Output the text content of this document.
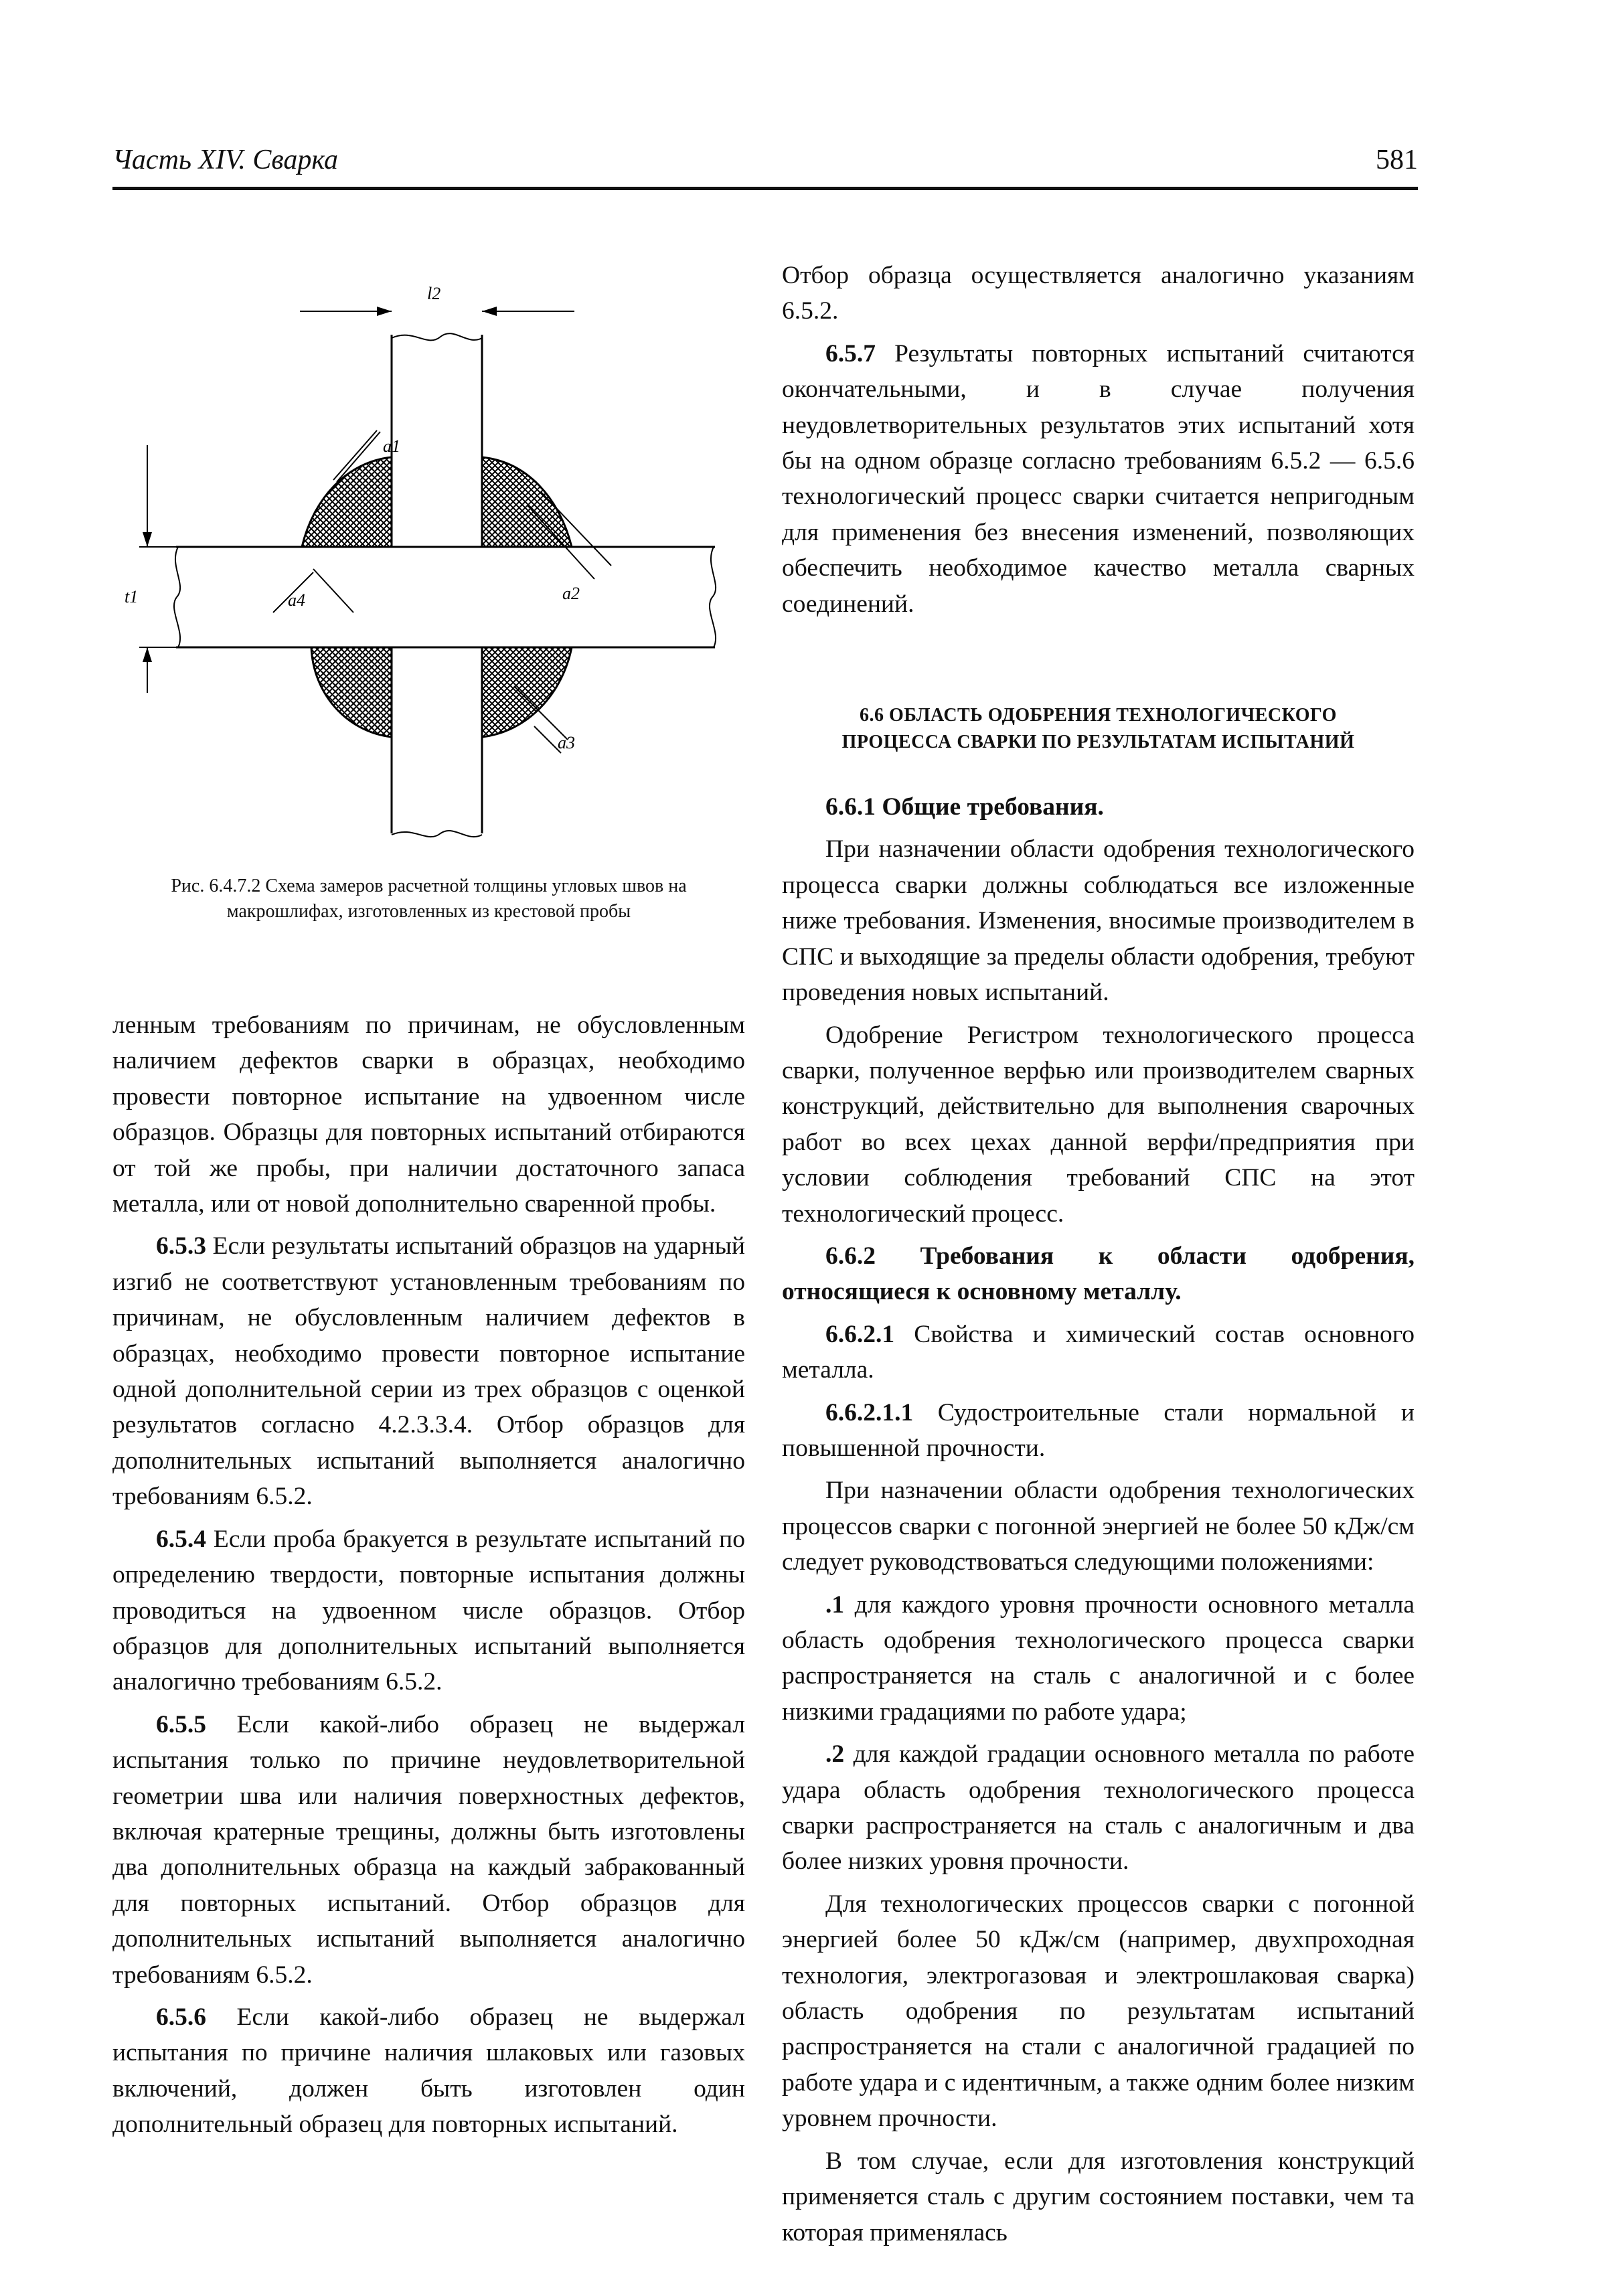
Часть XIV. Сварка	581
l2
t1
a1
a2
a3
a4
Рис. 6.4.7.2 Схема замеров расчетной толщины угловых швов на макрошлифах, изготовленных из крестовой пробы

ленным требованиям по причинам, не обусловленным наличием дефектов сварки в образцах, необходимо провести повторное испытание на удвоенном числе образцов. Образцы для повторных испытаний отбираются от той же пробы, при наличии достаточного запаса металла, или от новой дополнительно сваренной пробы.

6.5.3 Если результаты испытаний образцов на ударный изгиб не соответствуют установленным требованиям по причинам, не обусловленным наличием дефектов в образцах, необходимо провести повторное испытание одной дополнительной серии из трех образцов с оценкой результатов согласно 4.2.3.3.4. Отбор образцов для дополнительных испытаний выполняется аналогично требованиям 6.5.2.

6.5.4 Если проба бракуется в результате испытаний по определению твердости, повторные испытания должны проводиться на удвоенном числе образцов. Отбор образцов для дополнительных испытаний выполняется аналогично требованиям 6.5.2.

6.5.5 Если какой-либо образец не выдержал испытания только по причине неудовлетворительной геометрии шва или наличия поверхностных дефектов, включая кратерные трещины, должны быть изготовлены два дополнительных образца на каждый забракованный для повторных испытаний. Отбор образцов для дополнительных испытаний выполняется аналогично требованиям 6.5.2.

6.5.6 Если какой-либо образец не выдержал испытания по причине наличия шлаковых или газовых включений, должен быть изготовлен один дополнительный образец для повторных испытаний.

Отбор образца осуществляется аналогично указаниям 6.5.2.

6.5.7 Результаты повторных испытаний считаются окончательными, и в случае получения неудовлетворительных результатов этих испытаний хотя бы на одном образце согласно требованиям 6.5.2 — 6.5.6 технологический процесс сварки считается непригодным для применения без внесения изменений, позволяющих обеспечить необходимое качество металла сварных соединений.

6.6 ОБЛАСТЬ ОДОБРЕНИЯ ТЕХНОЛОГИЧЕСКОГО
ПРОЦЕССА СВАРКИ ПО РЕЗУЛЬТАТАМ ИСПЫТАНИЙ

6.6.1 Общие требования.

При назначении области одобрения технологического процесса сварки должны соблюдаться все изложенные ниже требования. Изменения, вносимые производителем в СПС и выходящие за пределы области одобрения, требуют проведения новых испытаний.

Одобрение Регистром технологического процесса сварки, полученное верфью или производителем сварных конструкций, действительно для выполнения сварочных работ во всех цехах данной верфи/предприятия при условии соблюдения требований СПС на этот технологический процесс.

6.6.2 Требования к области одобрения, относящиеся к основному металлу.

6.6.2.1 Свойства и химический состав основного металла.

6.6.2.1.1 Судостроительные стали нормальной и повышенной прочности.

При назначении области одобрения технологических процессов сварки с погонной энергией не более 50 кДж/см следует руководствоваться следующими положениями:

.1 для каждого уровня прочности основного металла область одобрения технологического процесса сварки распространяется на сталь с аналогичной и с более низкими градациями по работе удара;

.2 для каждой градации основного металла по работе удара область одобрения технологического процесса сварки распространяется на сталь с аналогичным и два более низких уровня прочности.

Для технологических процессов сварки с погонной энергией более 50 кДж/см (например, двухпроходная технология, электрогазовая и электрошлаковая сварка) область одобрения по результатам испытаний распространяется на стали с аналогичной градацией по работе удара и с идентичным, а также одним более низким уровнем прочности.

В том случае, если для изготовления конструкций применяется сталь с другим состоянием поставки, чем та которая применялась
